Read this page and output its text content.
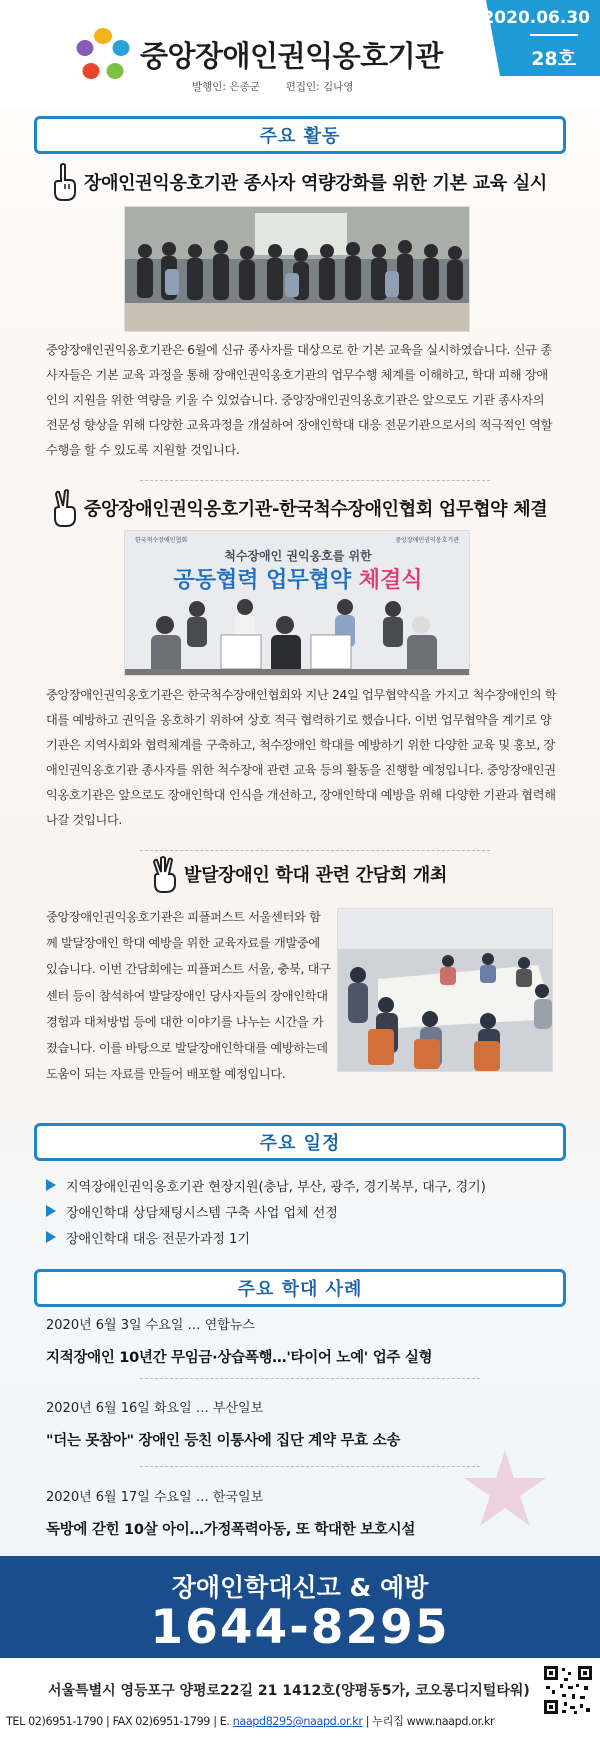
중앙장애인권익옹호기관
발행인: 은종군 편집인: 김나영
2020.06.30
28호
주요 활동
장애인권익옹호기관 종사자 역량강화를 위한 기본 교육 실시
중앙장애인권익옹호기관은 6월에 신규 종사자를 대상으로 한 기본 교육을 실시하였습니다. 신규 종사자들은 기본 교육 과정을 통해 장애인권익옹호기관의 업무수행 체계를 이해하고, 학대 피해 장애인의 지원을 위한 역량을 키울 수 있었습니다. 중앙장애인권익옹호기관은 앞으로도 기관 종사자의 전문성 향상을 위해 다양한 교육과정을 개설하여 장애인학대 대응 전문기관으로서의 적극적인 역할 수행을 할 수 있도록 지원할 것입니다.
중앙장애인권익옹호기관-한국척수장애인협회 업무협약 체결
한국척수장애인협회	중앙장애인권익옹호기관
척수장애인 권익옹호를 위한
공동협력 업무협약 체결식
중앙장애인권익옹호기관은 한국척수장애인협회와 지난 24일 업무협약식을 가지고 척수장애인의 학대를 예방하고 권익을 옹호하기 위하여 상호 적극 협력하기로 했습니다. 이번 업무협약을 계기로 양 기관은 지역사회와 협력체계를 구축하고, 척수장애인 학대를 예방하기 위한 다양한 교육 및 홍보, 장애인권익옹호기관 종사자를 위한 척수장애 관련 교육 등의 활동을 진행할 예정입니다. 중앙장애인권익옹호기관은 앞으로도 장애인학대 인식을 개선하고, 장애인학대 예방을 위해 다양한 기관과 협력해 나갈 것입니다.
발달장애인 학대 관련 간담회 개최
중앙장애인권익옹호기관은 피플퍼스트 서울센터와 함께 발달장애인 학대 예방을 위한 교육자료를 개발중에 있습니다. 이번 간담회에는 피플퍼스트 서울, 충북, 대구센터 등이 참석하여 발달장애인 당사자들의 장애인학대 경험과 대처방법 등에 대한 이야기를 나누는 시간을 가졌습니다. 이를 바탕으로 발달장애인학대를 예방하는데 도움이 되는 자료를 만들어 배포할 예정입니다.
주요 일정
지역장애인권익옹호기관 현장지원(충남, 부산, 광주, 경기북부, 대구, 경기)
장애인학대 상담채팅시스템 구축 사업 업체 선정
장애인학대 대응 전문가과정 1기
주요 학대 사례
2020년 6월 3일 수요일 … 연합뉴스
지적장애인 10년간 무임금·상습폭행…'타이어 노예' 업주 실형
2020년 6월 16일 화요일 … 부산일보
"더는 못참아" 장애인 등친 이통사에 집단 계약 무효 소송
2020년 6월 17일 수요일 … 한국일보
독방에 갇힌 10살 아이…가정폭력아동, 또 학대한 보호시설
장애인학대신고 & 예방
1644-8295
서울특별시 영등포구 양평로22길 21 1412호(양평동5가, 코오롱디지털타워)
TEL 02)6951-1790 | FAX 02)6951-1799 | E. naapd8295@naapd.or.kr | 누리집 www.naapd.or.kr
